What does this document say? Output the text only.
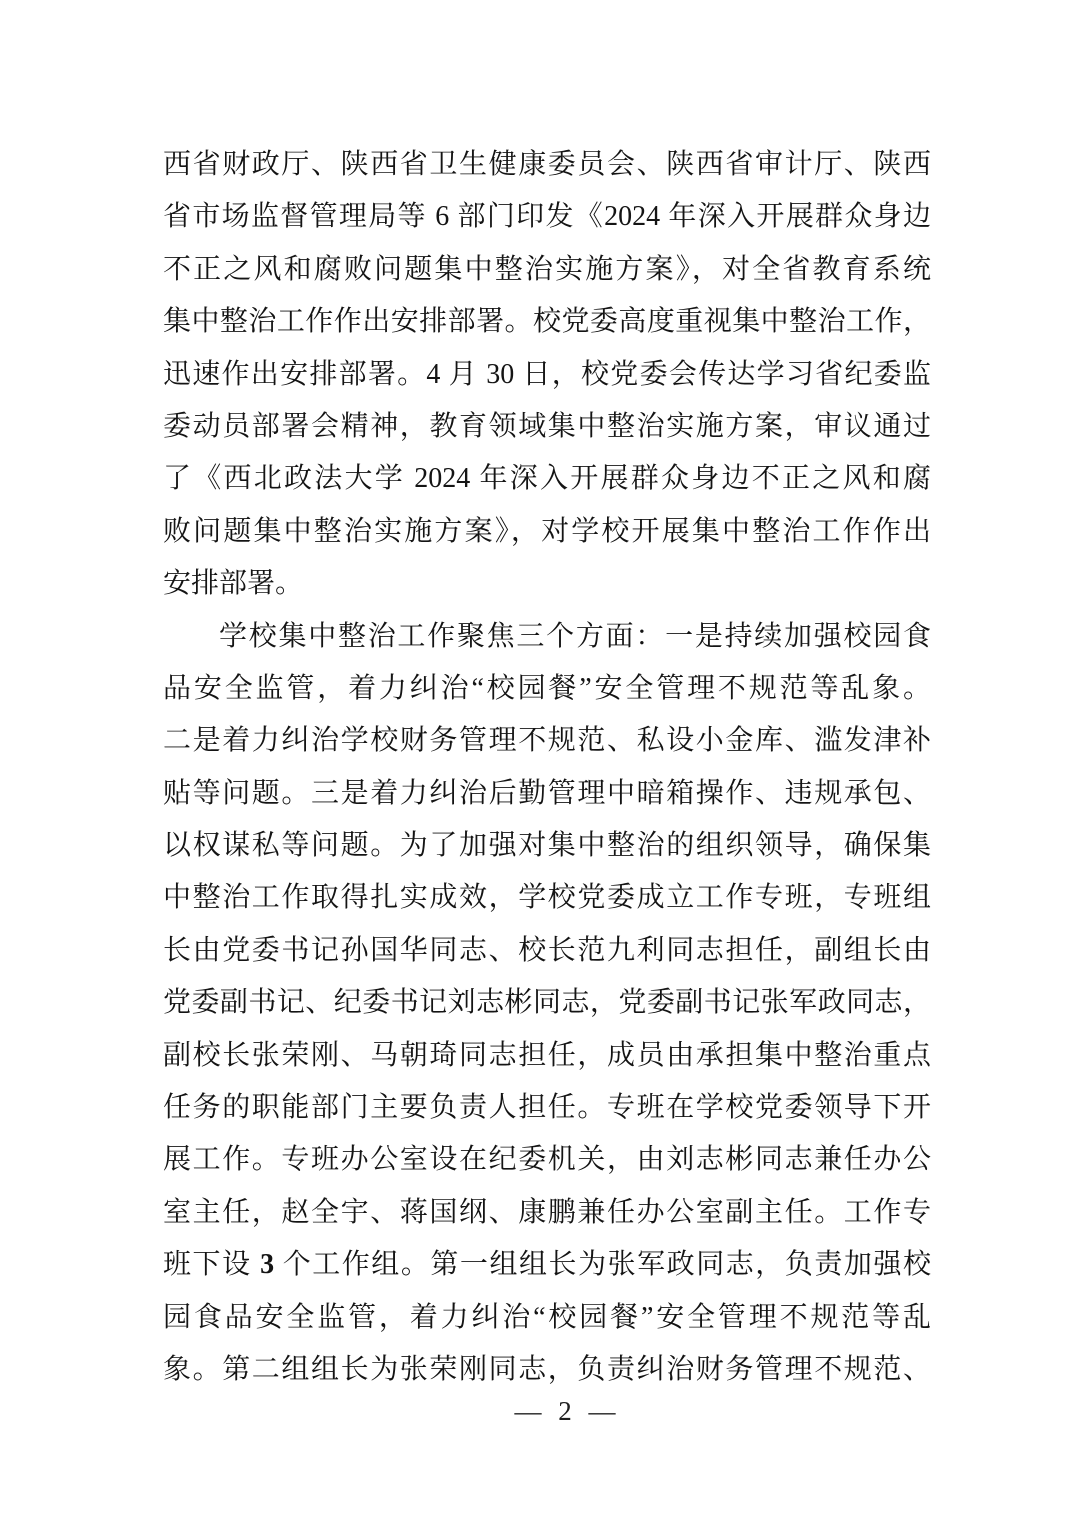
西省财政厅、陕西省卫生健康委员会、陕西省审计厅、陕西
省市场监督管理局等 6 部门印发《2024 年深入开展群众身边
不正之风和腐败问题集中整治实施方案》，对全省教育系统
集中整治工作作出安排部署。校党委高度重视集中整治工作，
迅速作出安排部署。4 月 30 日，校党委会传达学习省纪委监
委动员部署会精神，教育领域集中整治实施方案，审议通过
了《西北政法大学 2024 年深入开展群众身边不正之风和腐
败问题集中整治实施方案》，对学校开展集中整治工作作出
安排部署。
学校集中整治工作聚焦三个方面：一是持续加强校园食
品安全监管，着力纠治“校园餐”安全管理不规范等乱象。
二是着力纠治学校财务管理不规范、私设小金库、滥发津补
贴等问题。三是着力纠治后勤管理中暗箱操作、违规承包、
以权谋私等问题。为了加强对集中整治的组织领导，确保集
中整治工作取得扎实成效，学校党委成立工作专班，专班组
长由党委书记孙国华同志、校长范九利同志担任，副组长由
党委副书记、纪委书记刘志彬同志，党委副书记张军政同志，
副校长张荣刚、马朝琦同志担任，成员由承担集中整治重点
任务的职能部门主要负责人担任。专班在学校党委领导下开
展工作。专班办公室设在纪委机关，由刘志彬同志兼任办公
室主任，赵全宇、蒋国纲、康鹏兼任办公室副主任。工作专
班下设 3 个工作组。第一组组长为张军政同志，负责加强校
园食品安全监管，着力纠治“校园餐”安全管理不规范等乱
象。第二组组长为张荣刚同志，负责纠治财务管理不规范、
— 2 —
